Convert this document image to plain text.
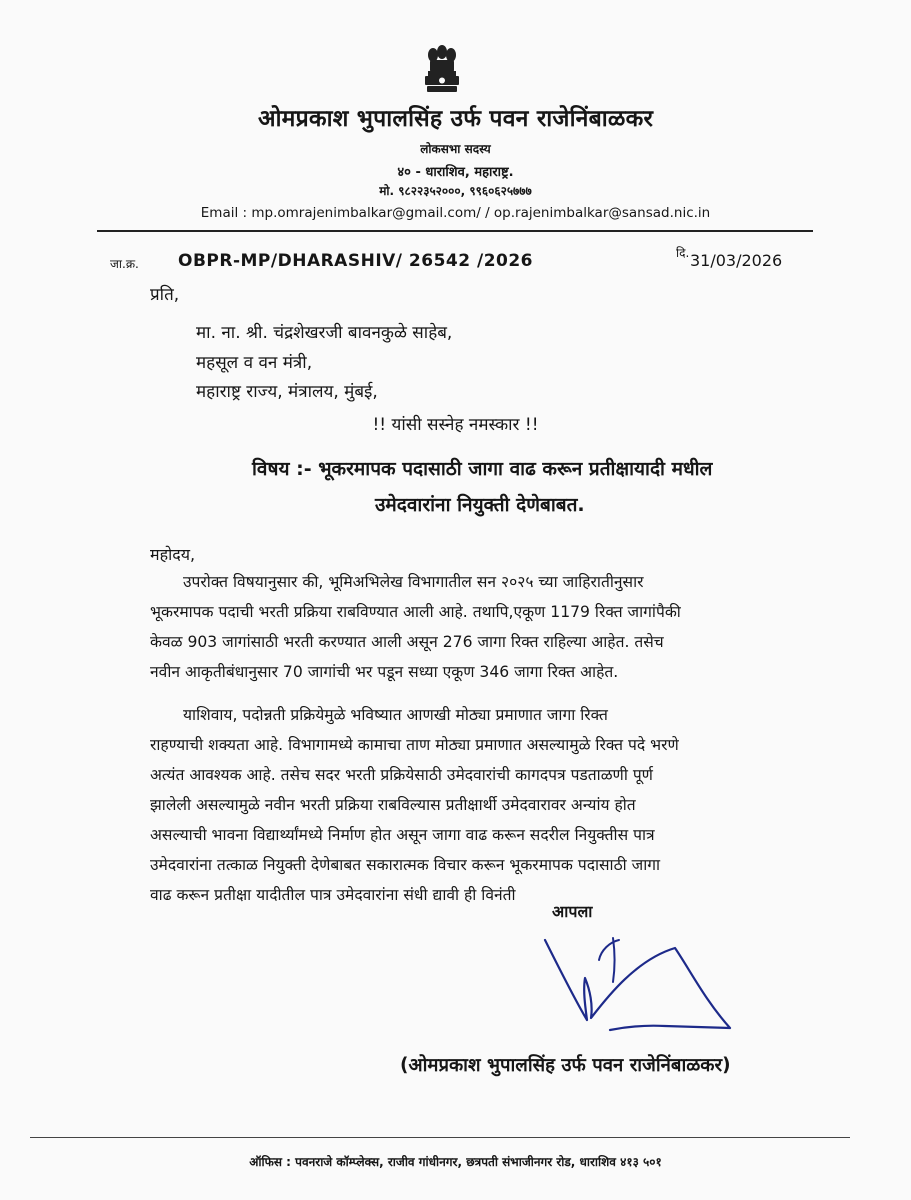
ओमप्रकाश भुपालसिंह उर्फ पवन राजेनिंबाळकर
लोकसभा सदस्य
४० - धाराशिव, महाराष्ट्र.
मो. ९८२२३५२०००, ९९६०६२५७७७
Email : mp.omrajenimbalkar@gmail.com/ / op.rajenimbalkar@sansad.nic.in
जा.क्र. OBPR-MP/DHARASHIV/ 26542 /2026	दि. 31/03/2026
प्रति,
मा. ना. श्री. चंद्रशेखरजी बावनकुळे साहेब,
महसूल व वन मंत्री,
महाराष्ट्र राज्य, मंत्रालय, मुंबई,
!! यांसी सस्नेह नमस्कार !!
विषय :- भूकरमापक पदासाठी जागा वाढ करून प्रतीक्षायादी मधील
उमेदवारांना नियुक्ती देणेबाबत.
महोदय,

उपरोक्त विषयानुसार की, भूमिअभिलेख विभागातील सन २०२५ च्या जाहिरातीनुसार

भूकरमापक पदाची भरती प्रक्रिया राबविण्यात आली आहे. तथापि,एकूण 1179 रिक्त जागांपैकी

केवळ 903 जागांसाठी भरती करण्यात आली असून 276 जागा रिक्त राहिल्या आहेत. तसेच

नवीन आकृतीबंधानुसार 70 जागांची भर पडून सध्या एकूण 346 जागा रिक्त आहेत.

याशिवाय, पदोन्नती प्रक्रियेमुळे भविष्यात आणखी मोठ्या प्रमाणात जागा रिक्त

राहण्याची शक्यता आहे. विभागामध्ये कामाचा ताण मोठ्या प्रमाणात असल्यामुळे रिक्त पदे भरणे

अत्यंत आवश्यक आहे. तसेच सदर भरती प्रक्रियेसाठी उमेदवारांची कागदपत्र पडताळणी पूर्ण

झालेली असल्यामुळे नवीन भरती प्रक्रिया राबविल्यास प्रतीक्षार्थी उमेदवारावर अन्यांय होत

असल्याची भावना विद्यार्थ्यांमध्ये निर्माण होत असून जागा वाढ करून सदरील नियुक्तीस पात्र

उमेदवारांना तत्काळ नियुक्ती देणेबाबत सकारात्मक विचार करून भूकरमापक पदासाठी जागा

वाढ करून प्रतीक्षा यादीतील पात्र उमेदवारांना संधी द्यावी ही विनंती

आपला
(ओमप्रकाश भुपालसिंह उर्फ पवन राजेनिंबाळकर)
ऑफिस : पवनराजे कॉम्प्लेक्स, राजीव गांधीनगर, छत्रपती संभाजीनगर रोड, धाराशिव ४१३ ५०१
